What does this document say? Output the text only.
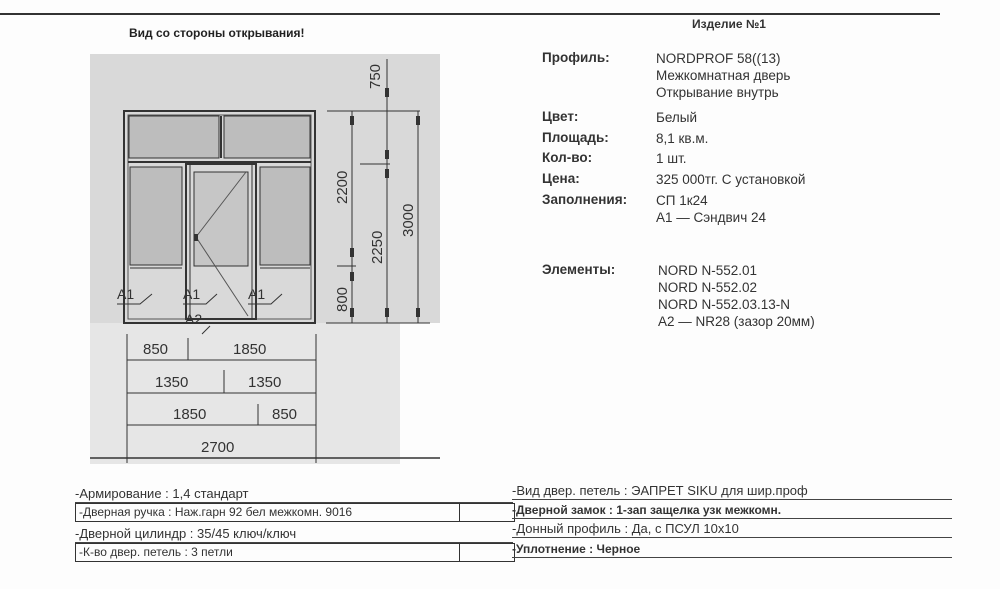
Вид со стороны открывания!
Изделие №1
750
2200
2250
800
3000
A1	A1	A1
A2
850	1850
1350	1350
1850	850
2700
Профиль:	NORDPROF 58((13)
Межкомнатная дверь
Открывание внутрь
Цвет:	Белый
Площадь:	8,1 кв.м.
Кол-во:	1 шт.
Цена:	325 000тг. С установкой
Заполнения: СП 1к24
A1 — Сэндвич 24
Элементы:	NORD N-552.01
NORD N-552.02
NORD N-552.03.13-N
A2 — NR28 (зазор 20мм)
-Армирование : 1,4 стандарт
-Дверная ручка : Наж.гарн 92 бел межкомн. 9016
-Дверной цилиндр : 35/45 ключ/ключ
-К-во двер. петель : 3 петли
-Вид двер. петель : ЭАПРЕТ SIKU для шир.проф
-Дверной замок : 1-зап защелка узк межкомн.
-Донный профиль : Да, с ПСУЛ 10x10
-Уплотнение : Черное
